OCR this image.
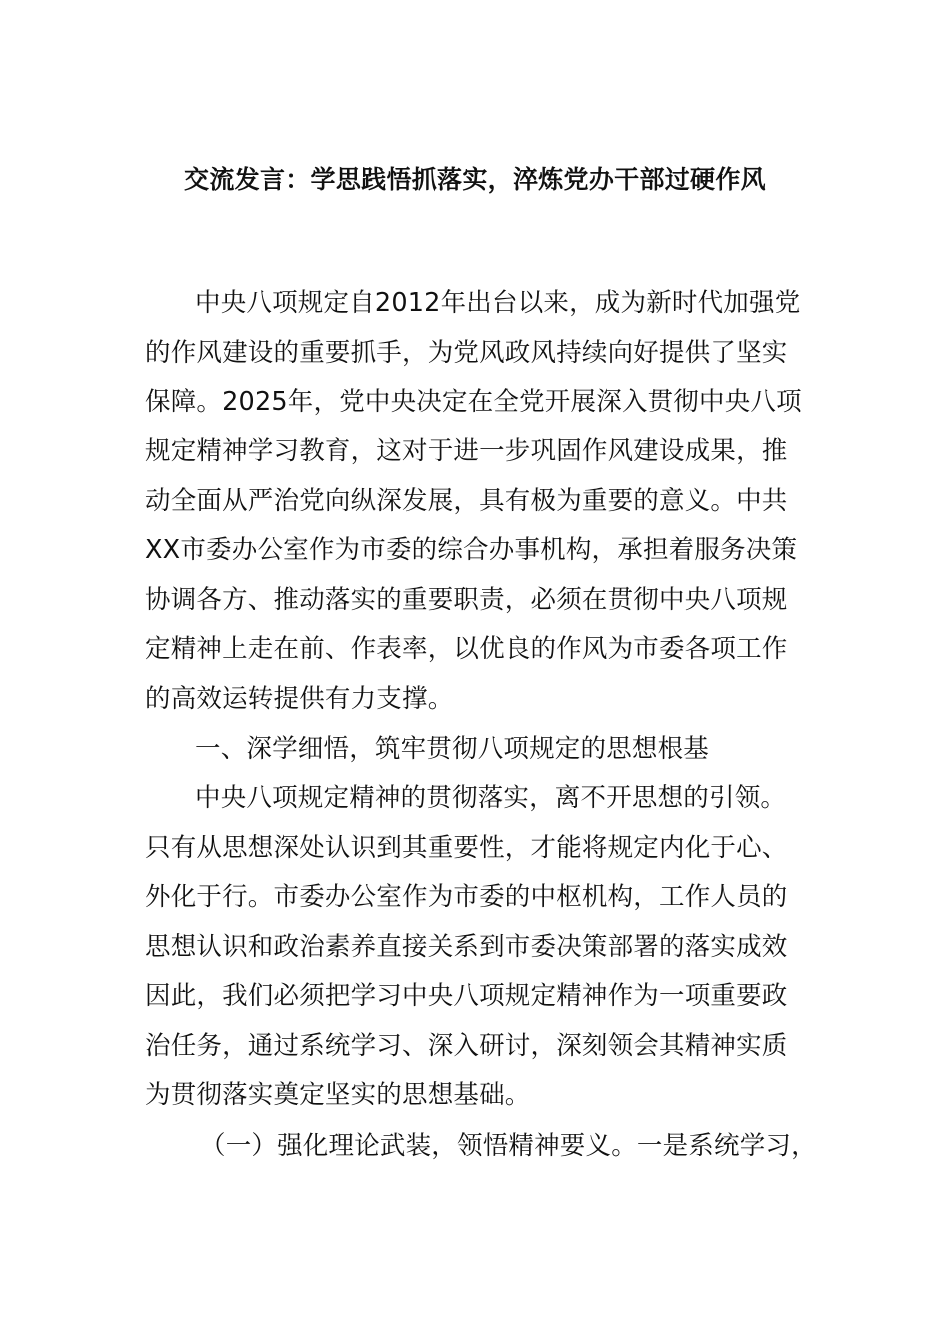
交流发言：学思践悟抓落实，淬炼党办干部过硬作风
中央八项规定自2012年出台以来，成为新时代加强党
的作风建设的重要抓手，为党风政风持续向好提供了坚实
保障。2025年，党中央决定在全党开展深入贯彻中央八项
规定精神学习教育，这对于进一步巩固作风建设成果，推
动全面从严治党向纵深发展，具有极为重要的意义。中共
XX市委办公室作为市委的综合办事机构，承担着服务决策
协调各方、推动落实的重要职责，必须在贯彻中央八项规
定精神上走在前、作表率，以优良的作风为市委各项工作
的高效运转提供有力支撑。
一、深学细悟，筑牢贯彻八项规定的思想根基
中央八项规定精神的贯彻落实，离不开思想的引领。
只有从思想深处认识到其重要性，才能将规定内化于心、
外化于行。市委办公室作为市委的中枢机构，工作人员的
思想认识和政治素养直接关系到市委决策部署的落实成效
因此，我们必须把学习中央八项规定精神作为一项重要政
治任务，通过系统学习、深入研讨，深刻领会其精神实质
为贯彻落实奠定坚实的思想基础。
（一）强化理论武装，领悟精神要义。一是系统学习，
